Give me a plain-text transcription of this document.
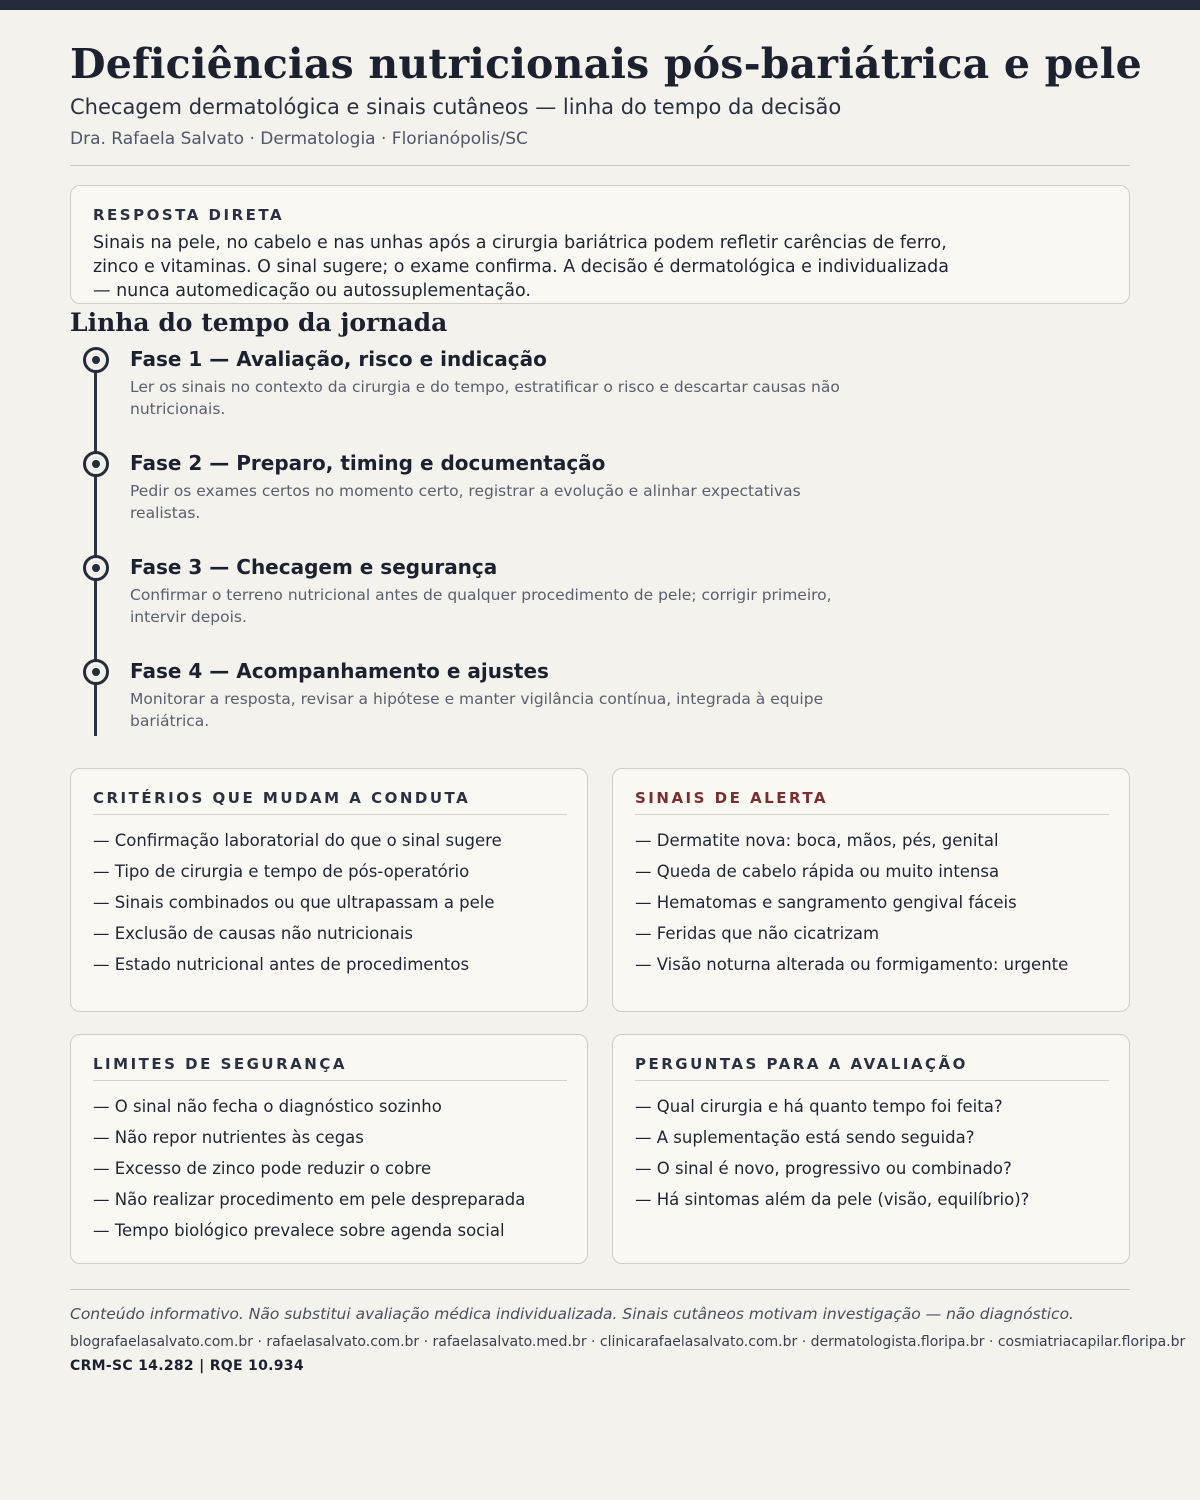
Deficiências nutricionais pós-bariátrica e pele
Checagem dermatológica e sinais cutâneos — linha do tempo da decisão
Dra. Rafaela Salvato · Dermatologia · Florianópolis/SC
RESPOSTA DIRETA

Sinais na pele, no cabelo e nas unhas após a cirurgia bariátrica podem refletir carências de ferro, zinco e vitaminas. O sinal sugere; o exame confirma. A decisão é dermatológica e individualizada — nunca automedicação ou autossuplementação.

Linha do tempo da jornada
Fase 1 — Avaliação, risco e indicação
Ler os sinais no contexto da cirurgia e do tempo, estratificar o risco e descartar causas não nutricionais.
Fase 2 — Preparo, timing e documentação
Pedir os exames certos no momento certo, registrar a evolução e alinhar expectativas realistas.
Fase 3 — Checagem e segurança
Confirmar o terreno nutricional antes de qualquer procedimento de pele; corrigir primeiro, intervir depois.
Fase 4 — Acompanhamento e ajustes
Monitorar a resposta, revisar a hipótese e manter vigilância contínua, integrada à equipe bariátrica.
CRITÉRIOS QUE MUDAM A CONDUTA
— Confirmação laboratorial do que o sinal sugere
— Tipo de cirurgia e tempo de pós-operatório
— Sinais combinados ou que ultrapassam a pele
— Exclusão de causas não nutricionais
— Estado nutricional antes de procedimentos
SINAIS DE ALERTA
— Dermatite nova: boca, mãos, pés, genital
— Queda de cabelo rápida ou muito intensa
— Hematomas e sangramento gengival fáceis
— Feridas que não cicatrizam
— Visão noturna alterada ou formigamento: urgente
LIMITES DE SEGURANÇA
— O sinal não fecha o diagnóstico sozinho
— Não repor nutrientes às cegas
— Excesso de zinco pode reduzir o cobre
— Não realizar procedimento em pele despreparada
— Tempo biológico prevalece sobre agenda social
PERGUNTAS PARA A AVALIAÇÃO
— Qual cirurgia e há quanto tempo foi feita?
— A suplementação está sendo seguida?
— O sinal é novo, progressivo ou combinado?
— Há sintomas além da pele (visão, equilíbrio)?
Conteúdo informativo. Não substitui avaliação médica individualizada. Sinais cutâneos motivam investigação — não diagnóstico.
blografaelasalvato.com.br · rafaelasalvato.com.br · rafaelasalvato.med.br · clinicarafaelasalvato.com.br · dermatologista.floripa.br · cosmiatriacapilar.floripa.br
CRM-SC 14.282 | RQE 10.934
